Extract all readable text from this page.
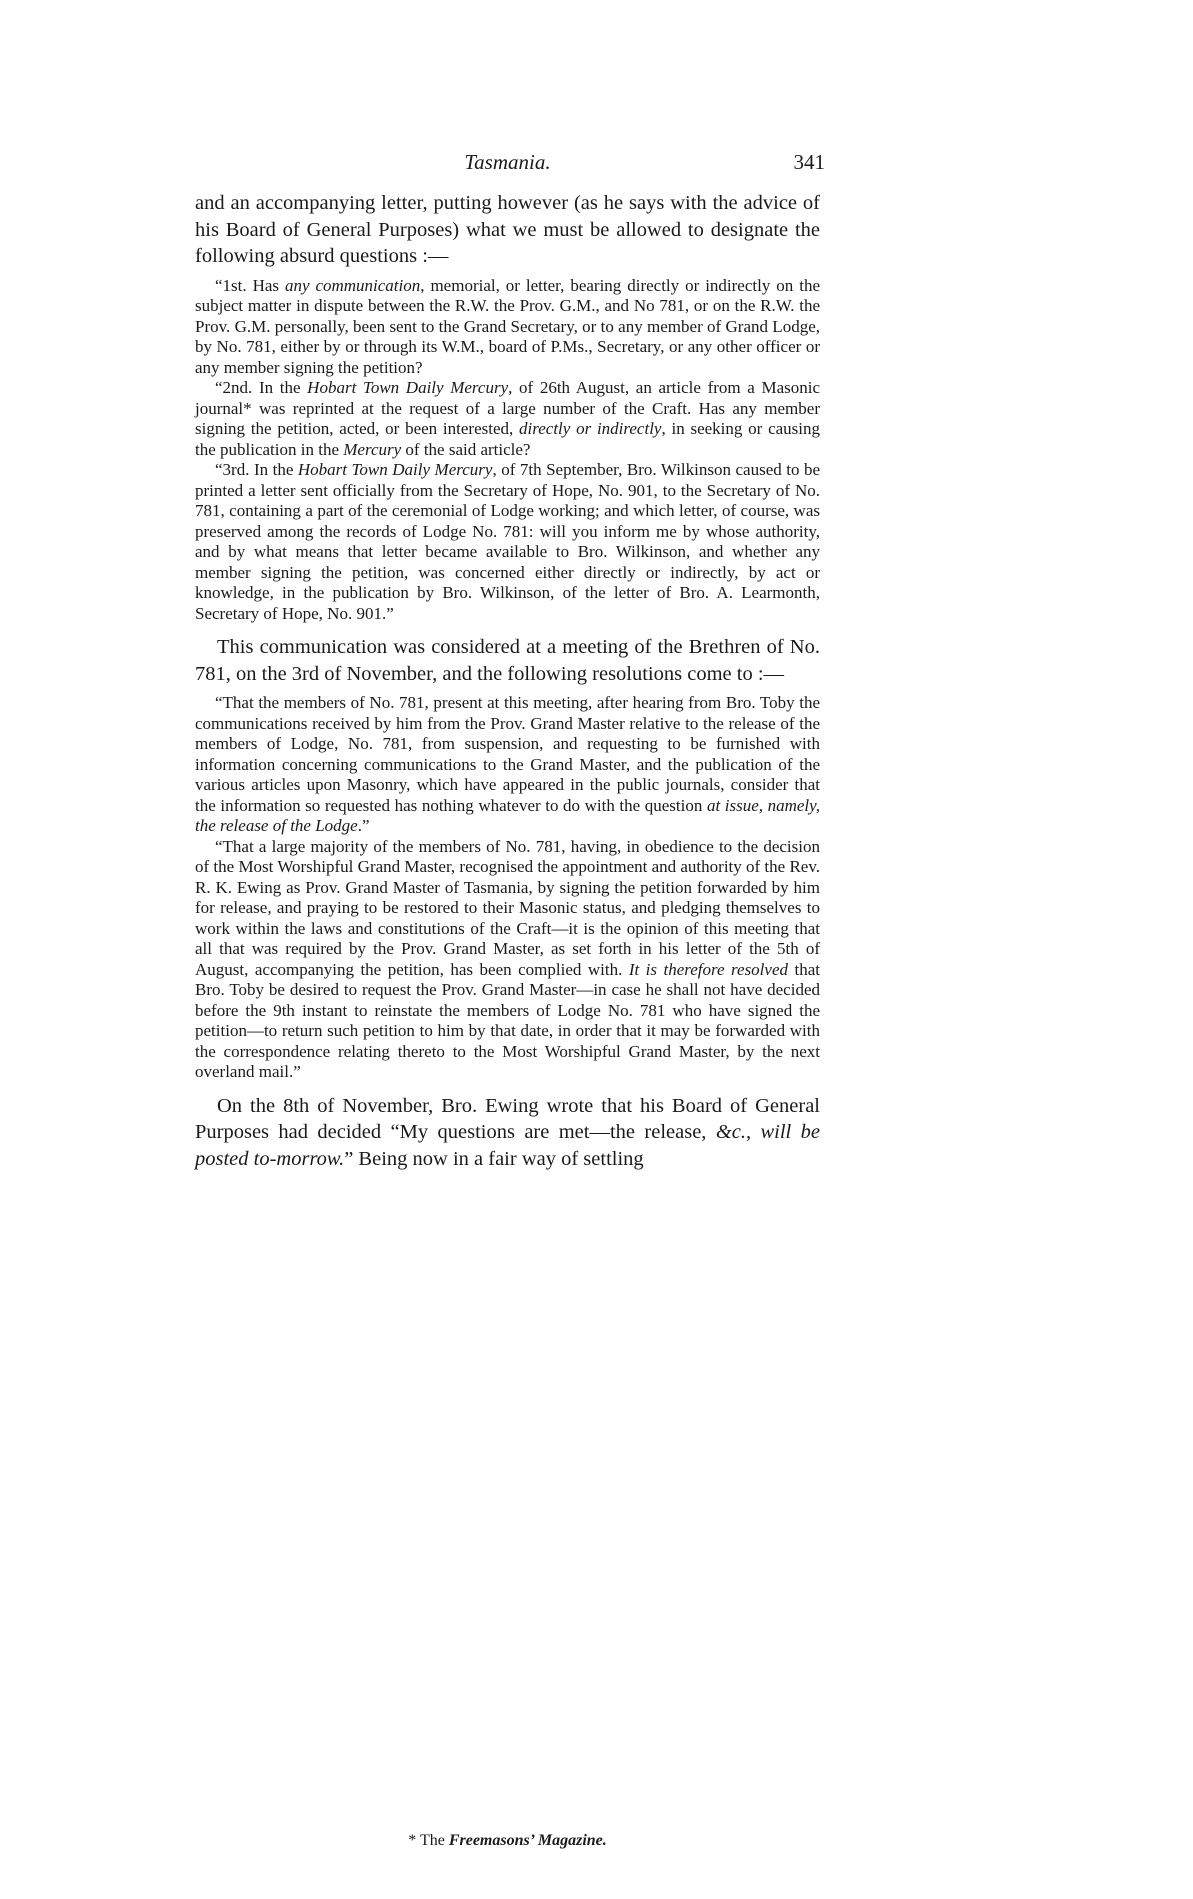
Tasmania.	341

and an accompanying letter, putting however (as he says with the advice of his Board of General Purposes) what we must be allowed to designate the following absurd questions :—

“1st. Has any communication, memorial, or letter, bearing directly or indirectly on the subject matter in dispute between the R.W. the Prov. G.M., and No 781, or on the R.W. the Prov. G.M. personally, been sent to the Grand Secretary, or to any member of Grand Lodge, by No. 781, either by or through its W.M., board of P.Ms., Secretary, or any other officer or any member signing the petition?

“2nd. In the Hobart Town Daily Mercury, of 26th August, an article from a Masonic journal* was reprinted at the request of a large number of the Craft. Has any member signing the petition, acted, or been interested, directly or indirectly, in seeking or causing the publication in the Mercury of the said article?

“3rd. In the Hobart Town Daily Mercury, of 7th September, Bro. Wilkinson caused to be printed a letter sent officially from the Secretary of Hope, No. 901, to the Secretary of No. 781, containing a part of the ceremonial of Lodge working; and which letter, of course, was preserved among the records of Lodge No. 781: will you inform me by whose authority, and by what means that letter became available to Bro. Wilkinson, and whether any member signing the petition, was concerned either directly or indirectly, by act or knowledge, in the publication by Bro. Wilkinson, of the letter of Bro. A. Learmonth, Secretary of Hope, No. 901.”

This communication was considered at a meeting of the Brethren of No. 781, on the 3rd of November, and the following resolutions come to :—

“That the members of No. 781, present at this meeting, after hearing from Bro. Toby the communications received by him from the Prov. Grand Master relative to the release of the members of Lodge, No. 781, from suspension, and requesting to be furnished with information concerning communications to the Grand Master, and the publication of the various articles upon Masonry, which have appeared in the public journals, consider that the information so requested has nothing whatever to do with the question at issue, namely, the release of the Lodge.”

“That a large majority of the members of No. 781, having, in obedience to the decision of the Most Worshipful Grand Master, recognised the appointment and authority of the Rev. R. K. Ewing as Prov. Grand Master of Tasmania, by signing the petition forwarded by him for release, and praying to be restored to their Masonic status, and pledging themselves to work within the laws and constitutions of the Craft—it is the opinion of this meeting that all that was required by the Prov. Grand Master, as set forth in his letter of the 5th of August, accompanying the petition, has been complied with. It is therefore resolved that Bro. Toby be desired to request the Prov. Grand Master—in case he shall not have decided before the 9th instant to reinstate the members of Lodge No. 781 who have signed the petition—to return such petition to him by that date, in order that it may be forwarded with the correspondence relating thereto to the Most Worshipful Grand Master, by the next overland mail.”

On the 8th of November, Bro. Ewing wrote that his Board of General Purposes had decided “My questions are met—the release, &c., will be posted to-morrow.” Being now in a fair way of settling

* The Freemasons’ Magazine.
